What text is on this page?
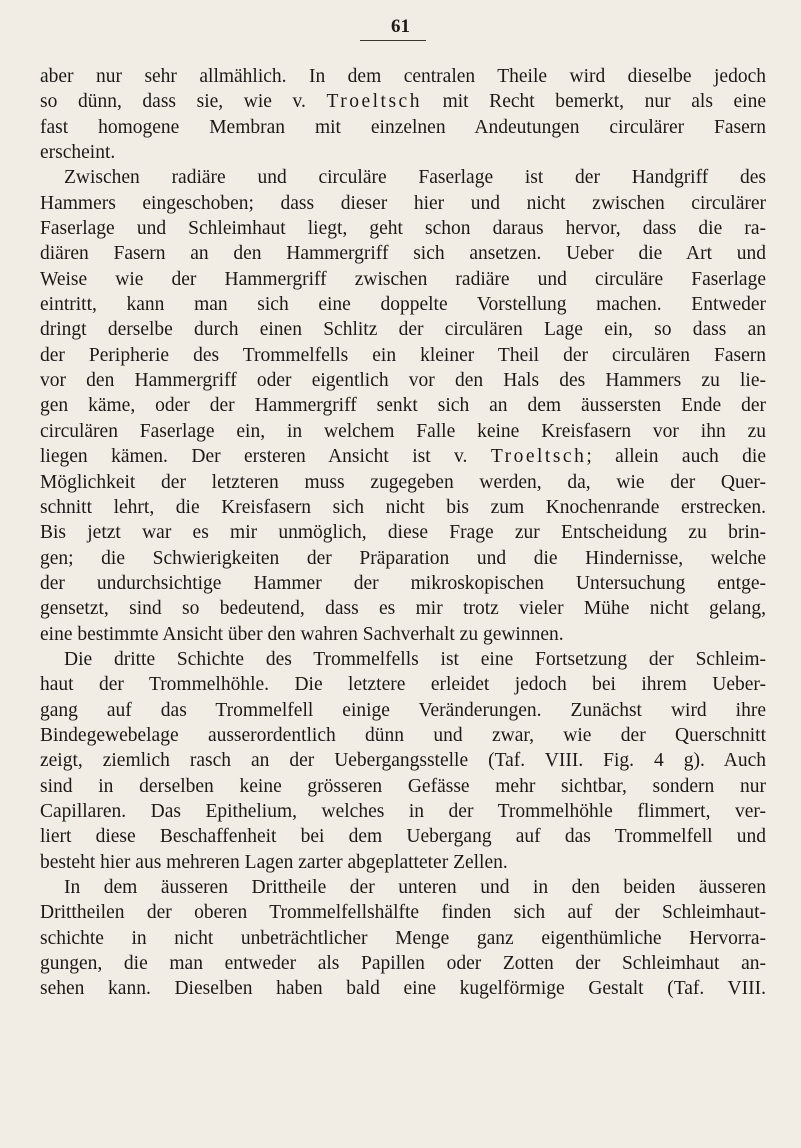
61
aber nur sehr allmählich. In dem centralen Theile wird dieselbe jedoch
so dünn, dass sie, wie v. Troeltsch mit Recht bemerkt, nur als eine
fast homogene Membran mit einzelnen Andeutungen circulärer Fasern
erscheint.
Zwischen radiäre und circuläre Faserlage ist der Handgriff des
Hammers eingeschoben; dass dieser hier und nicht zwischen circulärer
Faserlage und Schleimhaut liegt, geht schon daraus hervor, dass die ra-
diären Fasern an den Hammergriff sich ansetzen. Ueber die Art und
Weise wie der Hammergriff zwischen radiäre und circuläre Faserlage
eintritt, kann man sich eine doppelte Vorstellung machen. Entweder
dringt derselbe durch einen Schlitz der circulären Lage ein, so dass an
der Peripherie des Trommelfells ein kleiner Theil der circulären Fasern
vor den Hammergriff oder eigentlich vor den Hals des Hammers zu lie-
gen käme, oder der Hammergriff senkt sich an dem äussersten Ende der
circulären Faserlage ein, in welchem Falle keine Kreisfasern vor ihn zu
liegen kämen. Der ersteren Ansicht ist v. Troeltsch; allein auch die
Möglichkeit der letzteren muss zugegeben werden, da, wie der Quer-
schnitt lehrt, die Kreisfasern sich nicht bis zum Knochenrande erstrecken.
Bis jetzt war es mir unmöglich, diese Frage zur Entscheidung zu brin-
gen; die Schwierigkeiten der Präparation und die Hindernisse, welche
der undurchsichtige Hammer der mikroskopischen Untersuchung entge-
gensetzt, sind so bedeutend, dass es mir trotz vieler Mühe nicht gelang,
eine bestimmte Ansicht über den wahren Sachverhalt zu gewinnen.
Die dritte Schichte des Trommelfells ist eine Fortsetzung der Schleim-
haut der Trommelhöhle. Die letztere erleidet jedoch bei ihrem Ueber-
gang auf das Trommelfell einige Veränderungen. Zunächst wird ihre
Bindegewebelage ausserordentlich dünn und zwar, wie der Querschnitt
zeigt, ziemlich rasch an der Uebergangsstelle (Taf. VIII. Fig. 4 g). Auch
sind in derselben keine grösseren Gefässe mehr sichtbar, sondern nur
Capillaren. Das Epithelium, welches in der Trommelhöhle flimmert, ver-
liert diese Beschaffenheit bei dem Uebergang auf das Trommelfell und
besteht hier aus mehreren Lagen zarter abgeplatteter Zellen.
In dem äusseren Drittheile der unteren und in den beiden äusseren
Drittheilen der oberen Trommelfellshälfte finden sich auf der Schleimhaut-
schichte in nicht unbeträchtlicher Menge ganz eigenthümliche Hervorra-
gungen, die man entweder als Papillen oder Zotten der Schleimhaut an-
sehen kann. Dieselben haben bald eine kugelförmige Gestalt (Taf. VIII.
